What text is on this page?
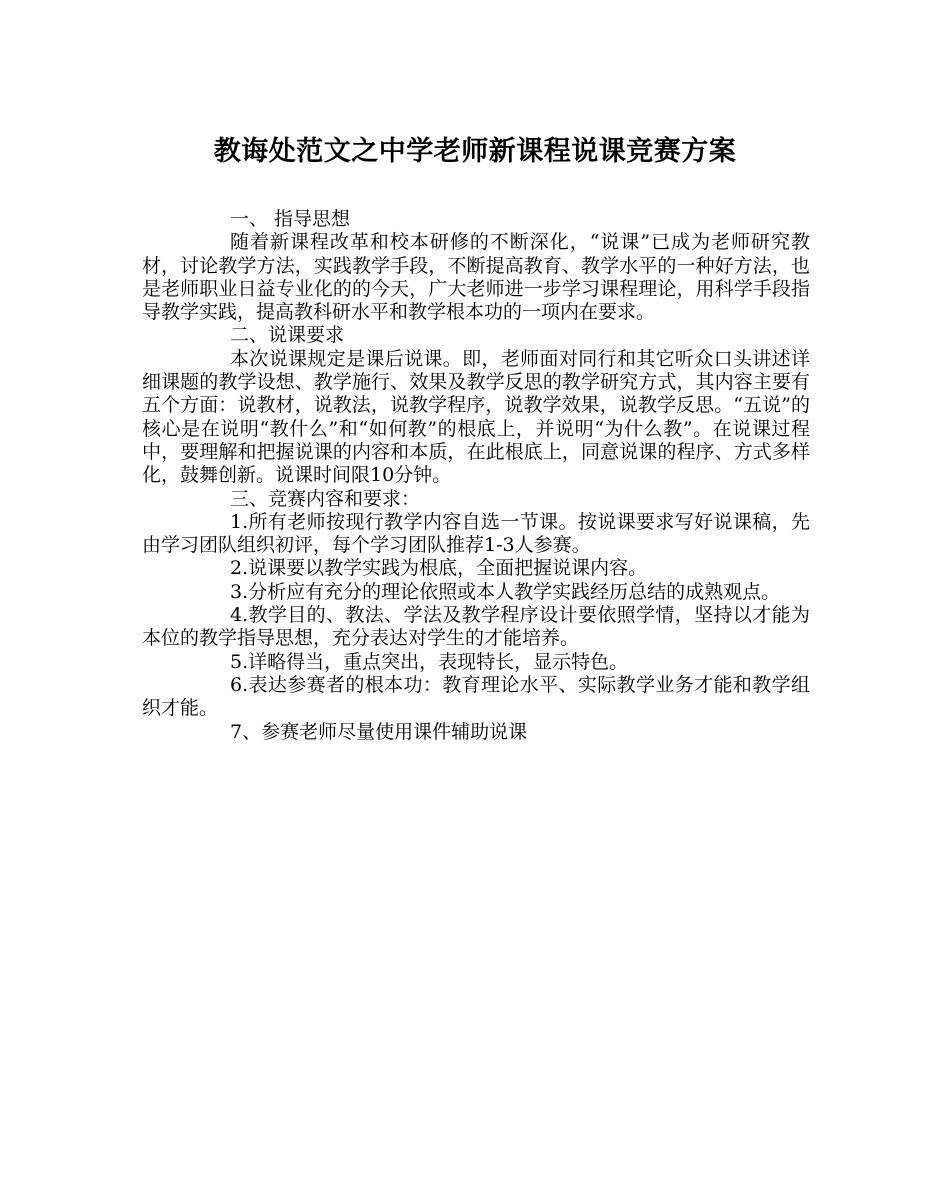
教诲处范文之中学老师新课程说课竞赛方案

一、 指导思想

随着新课程改革和校本研修的不断深化，“说课”已成为老师研究教材，讨论教学方法，实践教学手段，不断提高教育、教学水平的一种好方法，也是老师职业日益专业化的的今天，广大老师进一步学习课程理论，用科学手段指导教学实践，提高教科研水平和教学根本功的一项内在要求。

二、说课要求

本次说课规定是课后说课。即，老师面对同行和其它听众口头讲述详细课题的教学设想、教学施行、效果及教学反思的教学研究方式，其内容主要有五个方面：说教材，说教法，说教学程序，说教学效果，说教学反思。“五说”的核心是在说明“教什么”和“如何教”的根底上，并说明“为什么教”。在说课过程中，要理解和把握说课的内容和本质，在此根底上，同意说课的程序、方式多样化，鼓舞创新。说课时间限10分钟。

三、竞赛内容和要求：

1.所有老师按现行教学内容自选一节课。按说课要求写好说课稿，先由学习团队组织初评，每个学习团队推荐1-3人参赛。

2.说课要以教学实践为根底，全面把握说课内容。

3.分析应有充分的理论依照或本人教学实践经历总结的成熟观点。

4.教学目的、教法、学法及教学程序设计要依照学情，坚持以才能为本位的教学指导思想，充分表达对学生的才能培养。

5.详略得当，重点突出，表现特长，显示特色。

6.表达参赛者的根本功：教育理论水平、实际教学业务才能和教学组织才能。

7、参赛老师尽量使用课件辅助说课
